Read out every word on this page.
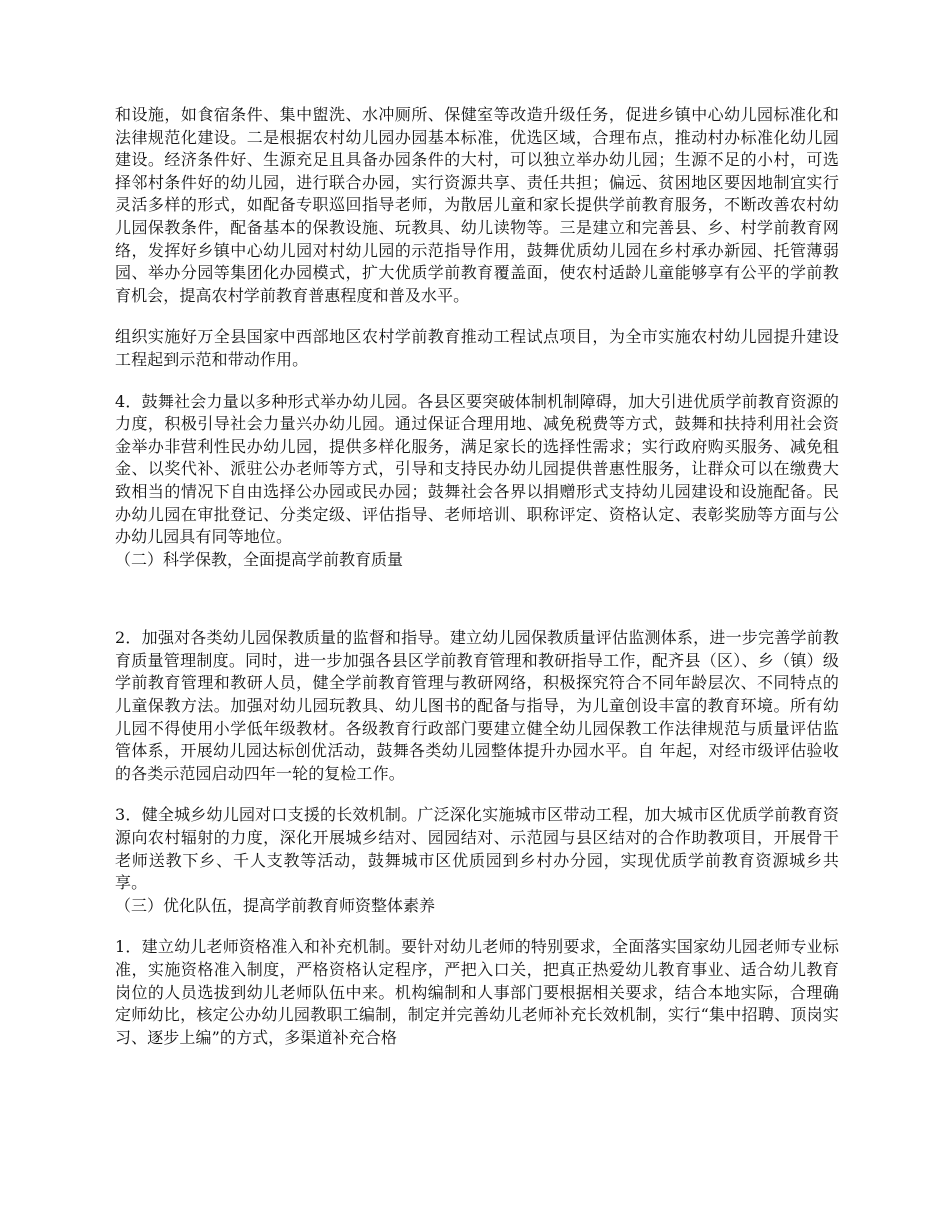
和设施，如食宿条件、集中盥洗、水冲厕所、保健室等改造升级任务，促进乡镇中心幼儿园标准化和法律规范化建设。二是根据农村幼儿园办园基本标准，优选区域，合理布点，推动村办标准化幼儿园建设。经济条件好、生源充足且具备办园条件的大村，可以独立举办幼儿园；生源不足的小村，可选择邻村条件好的幼儿园，进行联合办园，实行资源共享、责任共担；偏远、贫困地区要因地制宜实行灵活多样的形式，如配备专职巡回指导老师，为散居儿童和家长提供学前教育服务，不断改善农村幼儿园保教条件，配备基本的保教设施、玩教具、幼儿读物等。三是建立和完善县、乡、村学前教育网络，发挥好乡镇中心幼儿园对村幼儿园的示范指导作用，鼓舞优质幼儿园在乡村承办新园、托管薄弱园、举办分园等集团化办园模式，扩大优质学前教育覆盖面，使农村适龄儿童能够享有公平的学前教育机会，提高农村学前教育普惠程度和普及水平。

组织实施好万全县国家中西部地区农村学前教育推动工程试点项目，为全市实施农村幼儿园提升建设工程起到示范和带动作用。

4．鼓舞社会力量以多种形式举办幼儿园。各县区要突破体制机制障碍，加大引进优质学前教育资源的力度，积极引导社会力量兴办幼儿园。通过保证合理用地、减免税费等方式，鼓舞和扶持利用社会资金举办非营利性民办幼儿园，提供多样化服务，满足家长的选择性需求；实行政府购买服务、减免租金、以奖代补、派驻公办老师等方式，引导和支持民办幼儿园提供普惠性服务，让群众可以在缴费大致相当的情况下自由选择公办园或民办园；鼓舞社会各界以捐赠形式支持幼儿园建设和设施配备。民办幼儿园在审批登记、分类定级、评估指导、老师培训、职称评定、资格认定、表彰奖励等方面与公办幼儿园具有同等地位。

（二）科学保教，全面提高学前教育质量

2．加强对各类幼儿园保教质量的监督和指导。建立幼儿园保教质量评估监测体系，进一步完善学前教育质量管理制度。同时，进一步加强各县区学前教育管理和教研指导工作，配齐县（区）、乡（镇）级学前教育管理和教研人员，健全学前教育管理与教研网络，积极探究符合不同年龄层次、不同特点的儿童保教方法。加强对幼儿园玩教具、幼儿图书的配备与指导，为儿童创设丰富的教育环境。所有幼儿园不得使用小学低年级教材。各级教育行政部门要建立健全幼儿园保教工作法律规范与质量评估监管体系，开展幼儿园达标创优活动，鼓舞各类幼儿园整体提升办园水平。自 年起，对经市级评估验收的各类示范园启动四年一轮的复检工作。

3．健全城乡幼儿园对口支援的长效机制。广泛深化实施城市区带动工程，加大城市区优质学前教育资源向农村辐射的力度，深化开展城乡结对、园园结对、示范园与县区结对的合作助教项目，开展骨干老师送教下乡、千人支教等活动，鼓舞城市区优质园到乡村办分园，实现优质学前教育资源城乡共享。

（三）优化队伍，提高学前教育师资整体素养

1．建立幼儿老师资格准入和补充机制。要针对幼儿老师的特别要求，全面落实国家幼儿园老师专业标准，实施资格准入制度，严格资格认定程序，严把入口关，把真正热爱幼儿教育事业、适合幼儿教育岗位的人员选拔到幼儿老师队伍中来。机构编制和人事部门要根据相关要求，结合本地实际，合理确定师幼比，核定公办幼儿园教职工编制，制定并完善幼儿老师补充长效机制，实行“集中招聘、顶岗实习、逐步上编”的方式，多渠道补充合格
